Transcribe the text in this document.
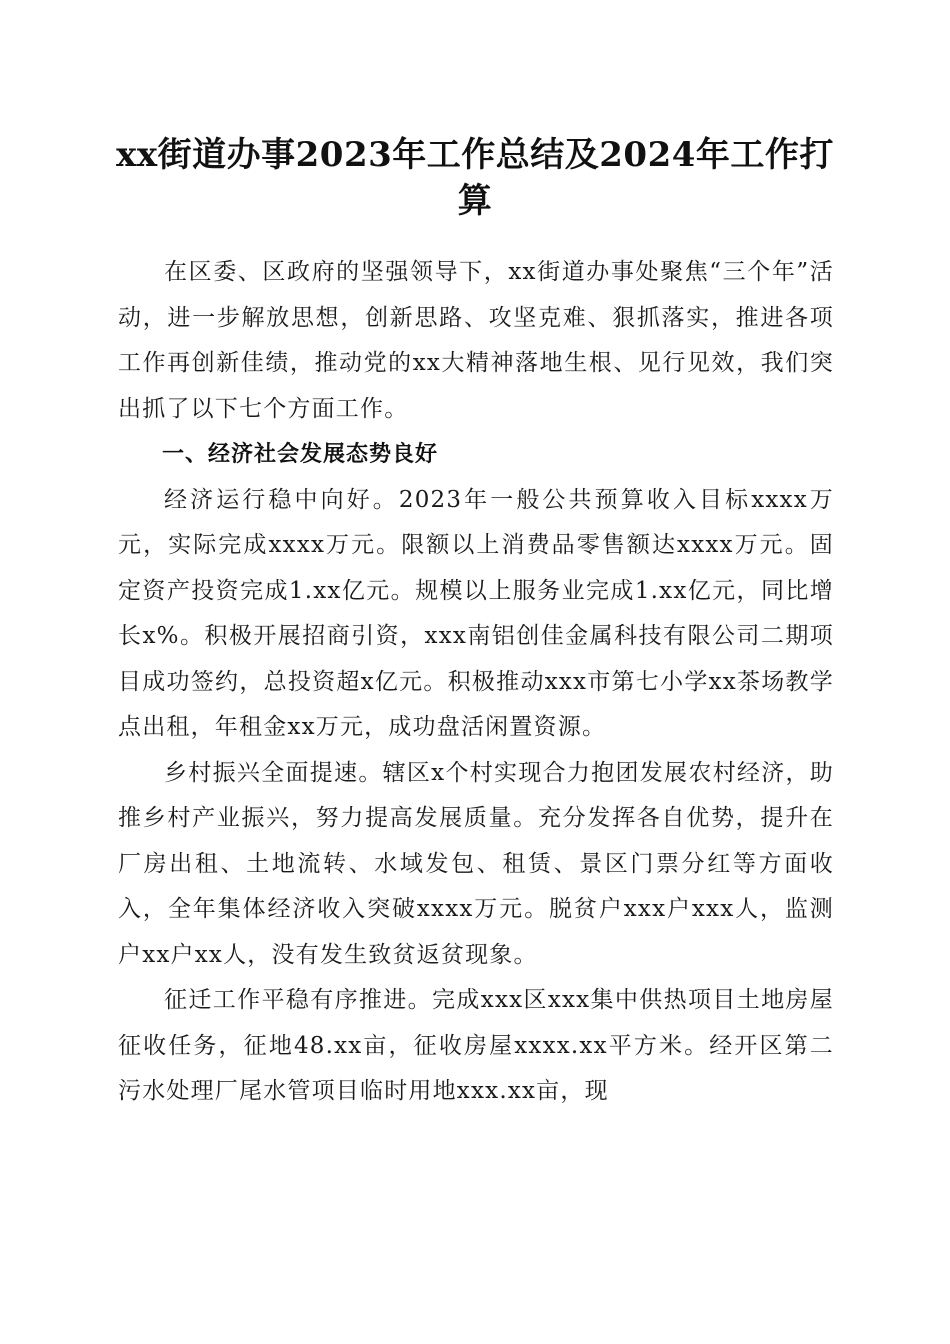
xx街道办事2023年工作总结及2024年工作打算

在区委、区政府的坚强领导下，xx街道办事处聚焦“三个年”活动，进一步解放思想，创新思路、攻坚克难、狠抓落实，推进各项工作再创新佳绩，推动党的xx大精神落地生根、见行见效，我们突出抓了以下七个方面工作。

一、经济社会发展态势良好

经济运行稳中向好。2023年一般公共预算收入目标xxxx万元，实际完成xxxx万元。限额以上消费品零售额达xxxx万元。固定资产投资完成1.xx亿元。规模以上服务业完成1.xx亿元，同比增长x%。积极开展招商引资，xxx南铝创佳金属科技有限公司二期项目成功签约，总投资超x亿元。积极推动xxx市第七小学xx茶场教学点出租，年租金xx万元，成功盘活闲置资源。

乡村振兴全面提速。辖区x个村实现合力抱团发展农村经济，助推乡村产业振兴，努力提高发展质量。充分发挥各自优势，提升在厂房出租、土地流转、水域发包、租赁、景区门票分红等方面收入，全年集体经济收入突破xxxx万元。脱贫户xxx户xxx人，监测户xx户xx人，没有发生致贫返贫现象。

征迁工作平稳有序推进。完成xxx区xxx集中供热项目土地房屋征收任务，征地48.xx亩，征收房屋xxxx.xx平方米。经开区第二污水处理厂尾水管项目临时用地xxx.xx亩，现
